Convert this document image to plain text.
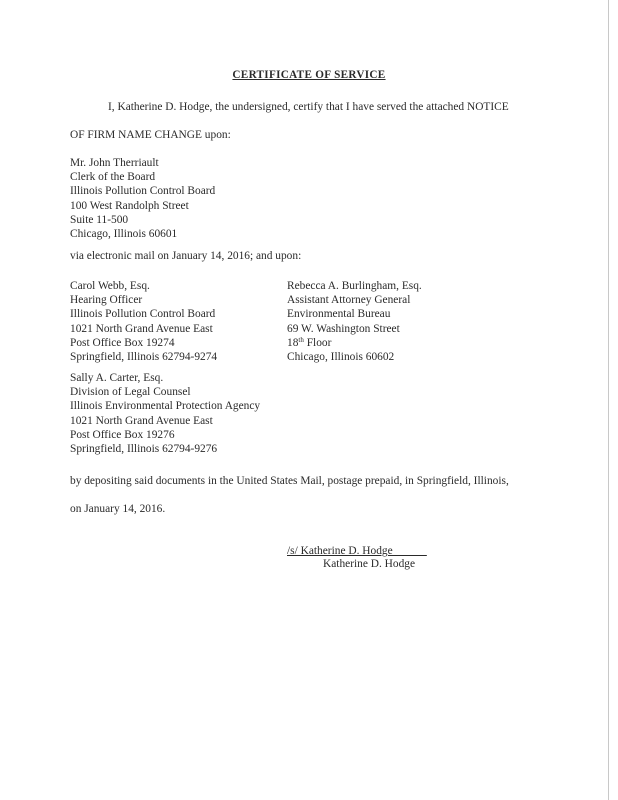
CERTIFICATE OF SERVICE
I, Katherine D. Hodge, the undersigned, certify that I have served the attached NOTICE
OF FIRM NAME CHANGE upon:
Mr. John Therriault
Clerk of the Board
Illinois Pollution Control Board
100 West Randolph Street
Suite 11-500
Chicago, Illinois 60601
via electronic mail on January 14, 2016; and upon:
Carol Webb, Esq.
Hearing Officer
Illinois Pollution Control Board
1021 North Grand Avenue East
Post Office Box 19274
Springfield, Illinois 62794-9274
Rebecca A. Burlingham, Esq.
Assistant Attorney General
Environmental Bureau
69 W. Washington Street
18th Floor
Chicago, Illinois 60602
Sally A. Carter, Esq.
Division of Legal Counsel
Illinois Environmental Protection Agency
1021 North Grand Avenue East
Post Office Box 19276
Springfield, Illinois 62794-9276
by depositing said documents in the United States Mail, postage prepaid, in Springfield, Illinois,
on January 14, 2016.
/s/ Katherine D. Hodge
Katherine D. Hodge
